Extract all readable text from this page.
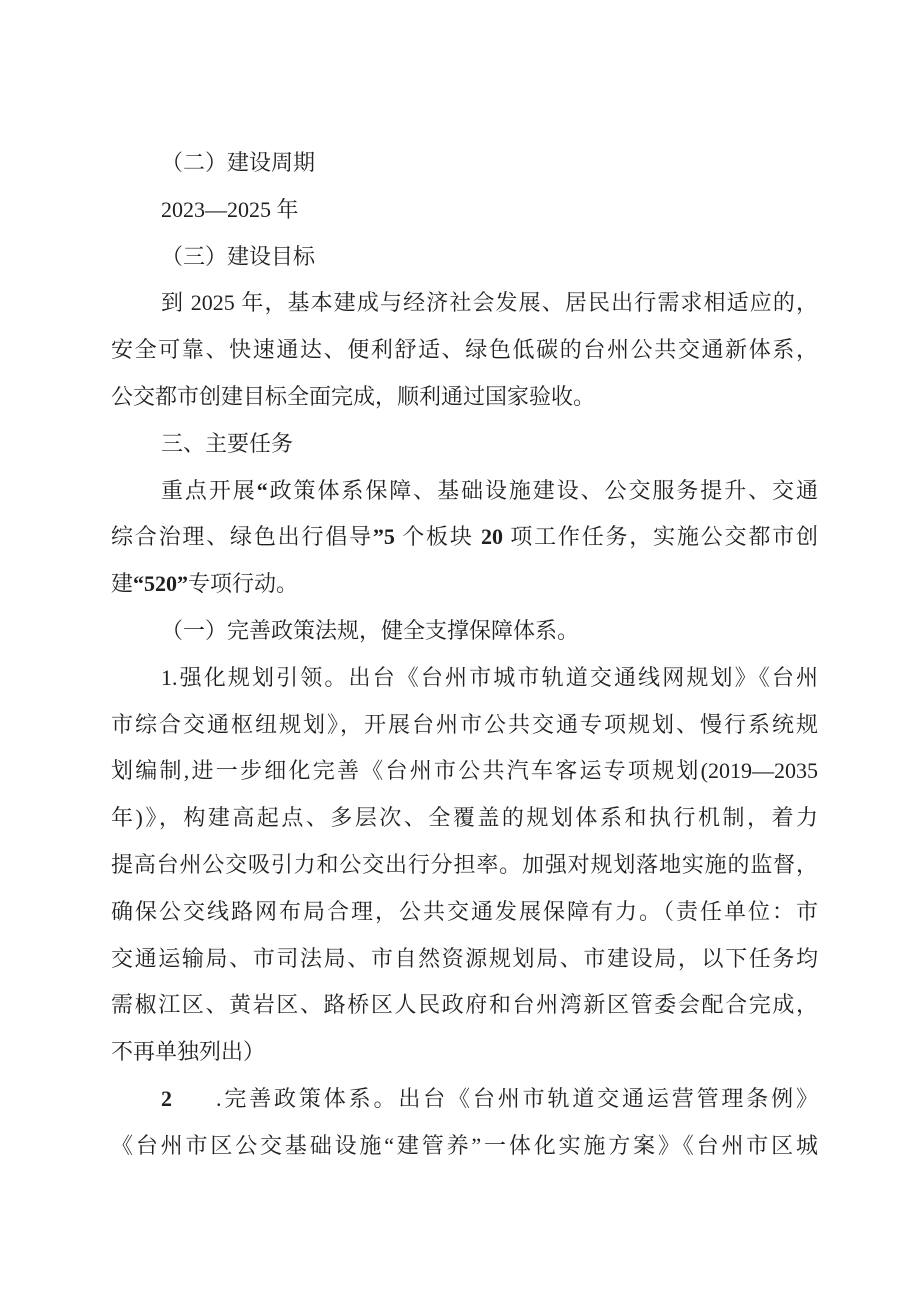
（二）建设周期
2023—2025 年
（三）建设目标
到 2025 年，基本建成与经济社会发展、居民出行需求相适应的，
安全可靠、快速通达、便利舒适、绿色低碳的台州公共交通新体系，
公交都市创建目标全面完成，顺利通过国家验收。
三、主要任务
重点开展“政策体系保障、基础设施建设、公交服务提升、交通
综合治理、绿色出行倡导”5 个板块 20 项工作任务，实施公交都市创
建“520”专项行动。
（一）完善政策法规，健全支撑保障体系。
1.强化规划引领。出台《台州市城市轨道交通线网规划》《台州
市综合交通枢纽规划》，开展台州市公共交通专项规划、慢行系统规
划编制,进一步细化完善《台州市公共汽车客运专项规划(2019—2035
年)》，构建高起点、多层次、全覆盖的规划体系和执行机制，着力
提高台州公交吸引力和公交出行分担率。加强对规划落地实施的监督，
确保公交线路网布局合理，公共交通发展保障有力。（责任单位：市
交通运输局、市司法局、市自然资源规划局、市建设局，以下任务均
需椒江区、黄岩区、路桥区人民政府和台州湾新区管委会配合完成，
不再单独列出）
2 .完善政策体系。出台《台州市轨道交通运营管理条例》
《台州市区公交基础设施“建管养”一体化实施方案》《台州市区城
